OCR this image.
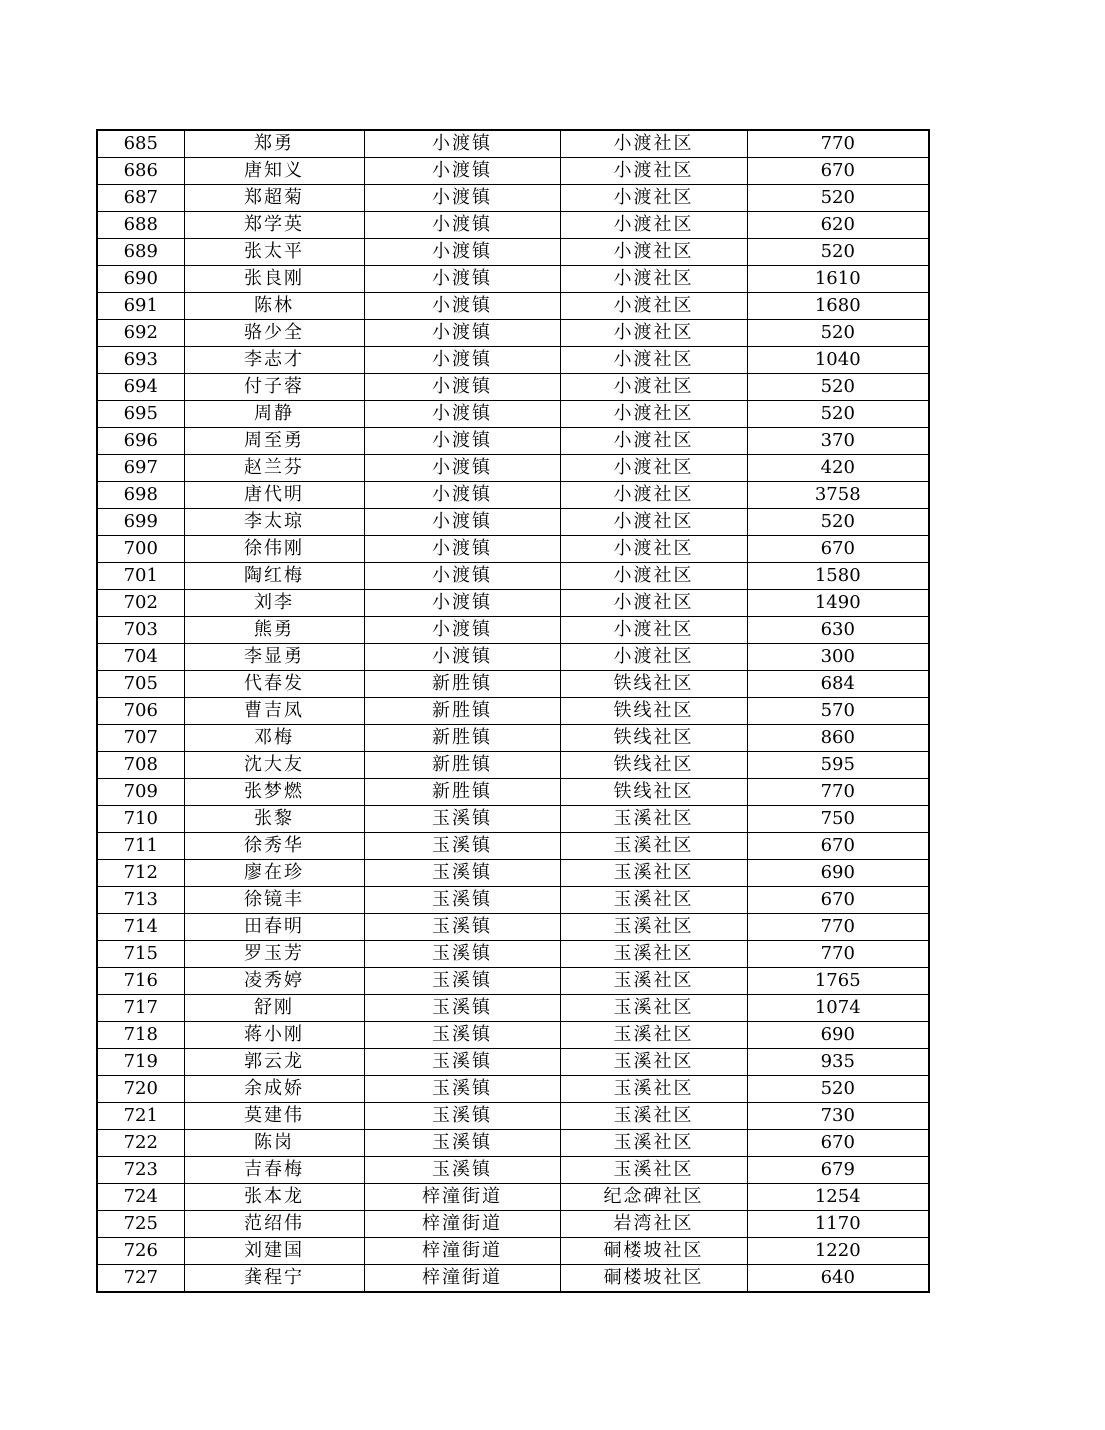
685	郑勇	小渡镇	小渡社区	770
686	唐知义	小渡镇	小渡社区	670
687	郑超菊	小渡镇	小渡社区	520
688	郑学英	小渡镇	小渡社区	620
689	张太平	小渡镇	小渡社区	520
690	张良刚	小渡镇	小渡社区	1610
691	陈林	小渡镇	小渡社区	1680
692	骆少全	小渡镇	小渡社区	520
693	李志才	小渡镇	小渡社区	1040
694	付子蓉	小渡镇	小渡社区	520
695	周静	小渡镇	小渡社区	520
696	周至勇	小渡镇	小渡社区	370
697	赵兰芬	小渡镇	小渡社区	420
698	唐代明	小渡镇	小渡社区	3758
699	李太琼	小渡镇	小渡社区	520
700	徐伟刚	小渡镇	小渡社区	670
701	陶红梅	小渡镇	小渡社区	1580
702	刘李	小渡镇	小渡社区	1490
703	熊勇	小渡镇	小渡社区	630
704	李显勇	小渡镇	小渡社区	300
705	代春发	新胜镇	铁线社区	684
706	曹吉凤	新胜镇	铁线社区	570
707	邓梅	新胜镇	铁线社区	860
708	沈大友	新胜镇	铁线社区	595
709	张梦燃	新胜镇	铁线社区	770
710	张黎	玉溪镇	玉溪社区	750
711	徐秀华	玉溪镇	玉溪社区	670
712	廖在珍	玉溪镇	玉溪社区	690
713	徐镜丰	玉溪镇	玉溪社区	670
714	田春明	玉溪镇	玉溪社区	770
715	罗玉芳	玉溪镇	玉溪社区	770
716	凌秀婷	玉溪镇	玉溪社区	1765
717	舒刚	玉溪镇	玉溪社区	1074
718	蒋小刚	玉溪镇	玉溪社区	690
719	郭云龙	玉溪镇	玉溪社区	935
720	余成娇	玉溪镇	玉溪社区	520
721	莫建伟	玉溪镇	玉溪社区	730
722	陈岗	玉溪镇	玉溪社区	670
723	吉春梅	玉溪镇	玉溪社区	679
724	张本龙	梓潼街道	纪念碑社区	1254
725	范绍伟	梓潼街道	岩湾社区	1170
726	刘建国	梓潼街道	硐楼坡社区	1220
727	龚程宁	梓潼街道	硐楼坡社区	640
